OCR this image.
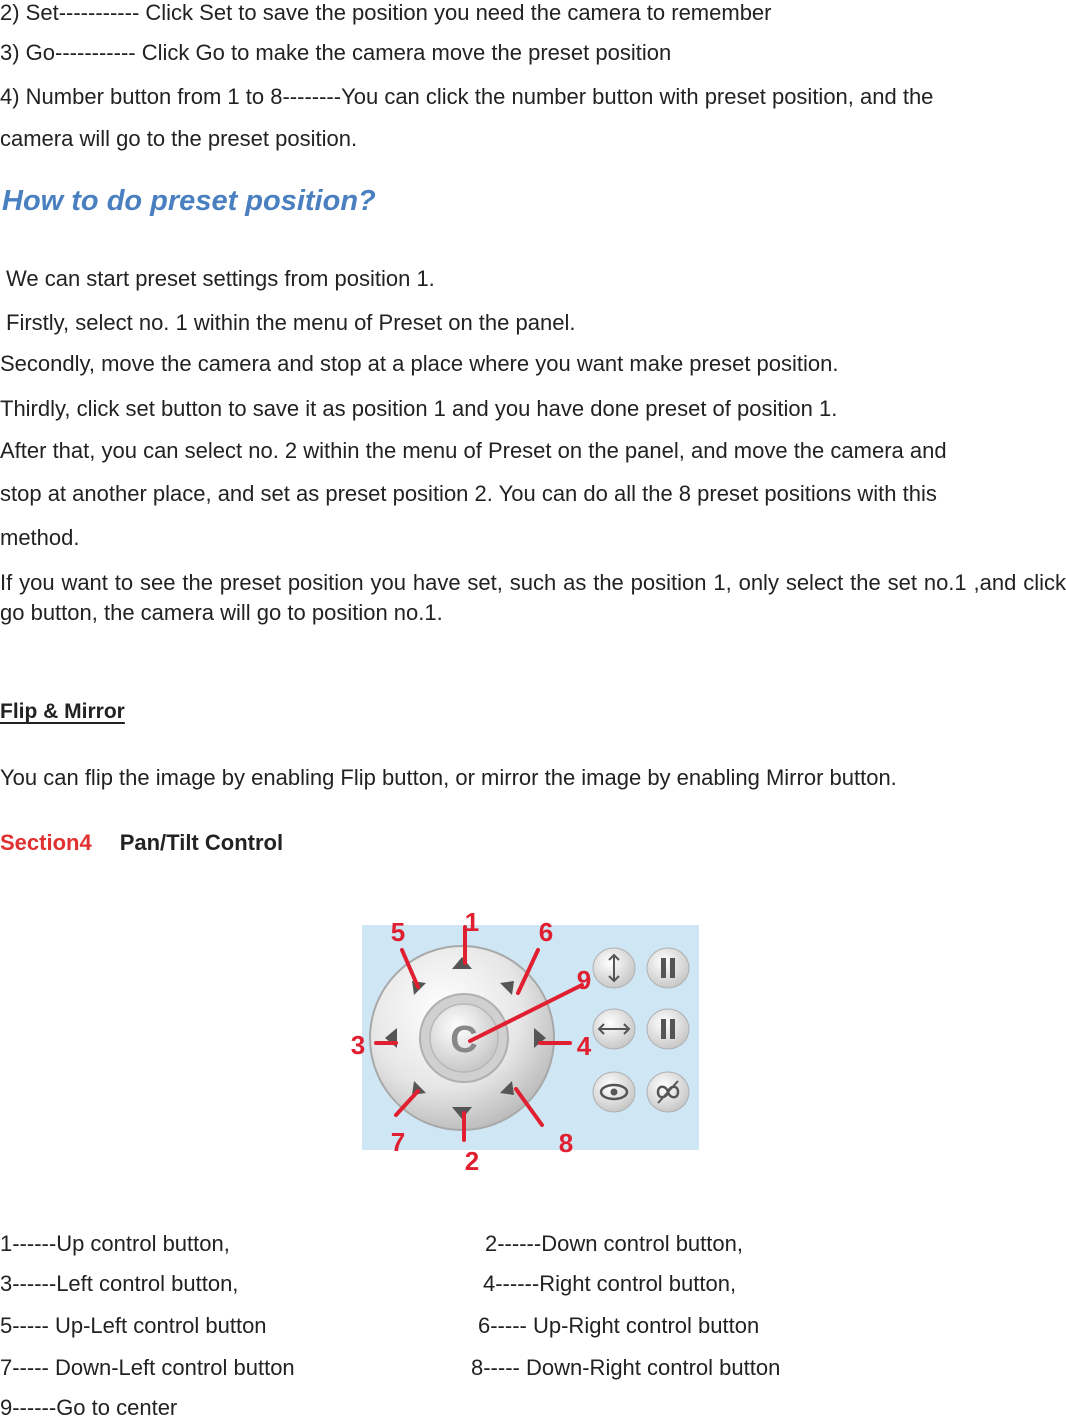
2) Set----------- Click Set to save the position you need the camera to remember
3) Go----------- Click Go to make the camera move the preset position
4) Number button from 1 to 8--------You can click the number button with preset position, and the
camera will go to the preset position.
How to do preset position?
We can start preset settings from position 1.
Firstly, select no. 1 within the menu of Preset on the panel.
Secondly, move the camera and stop at a place where you want make preset position.
Thirdly, click set button to save it as position 1 and you have done preset of position 1.
After that, you can select no. 2 within the menu of Preset on the panel, and move the camera and
stop at another place, and set as preset position 2. You can do all the 8 preset positions with this
method.
If you want to see the preset position you have set, such as the position 1, only select the set no.1 ,and click go button, the camera will go to position no.1.
Flip & Mirror
You can flip the image by enabling Flip button, or mirror the image by enabling Mirror button.
Section4 Pan/Tilt Control
C
1
2
3	4
5	6
7	8
9
1------Up control button,	2------Down control button,
3------Left control button,	4------Right control button,
5----- Up-Left control button	6----- Up-Right control button
7----- Down-Left control button	8----- Down-Right control button
9------Go to center
